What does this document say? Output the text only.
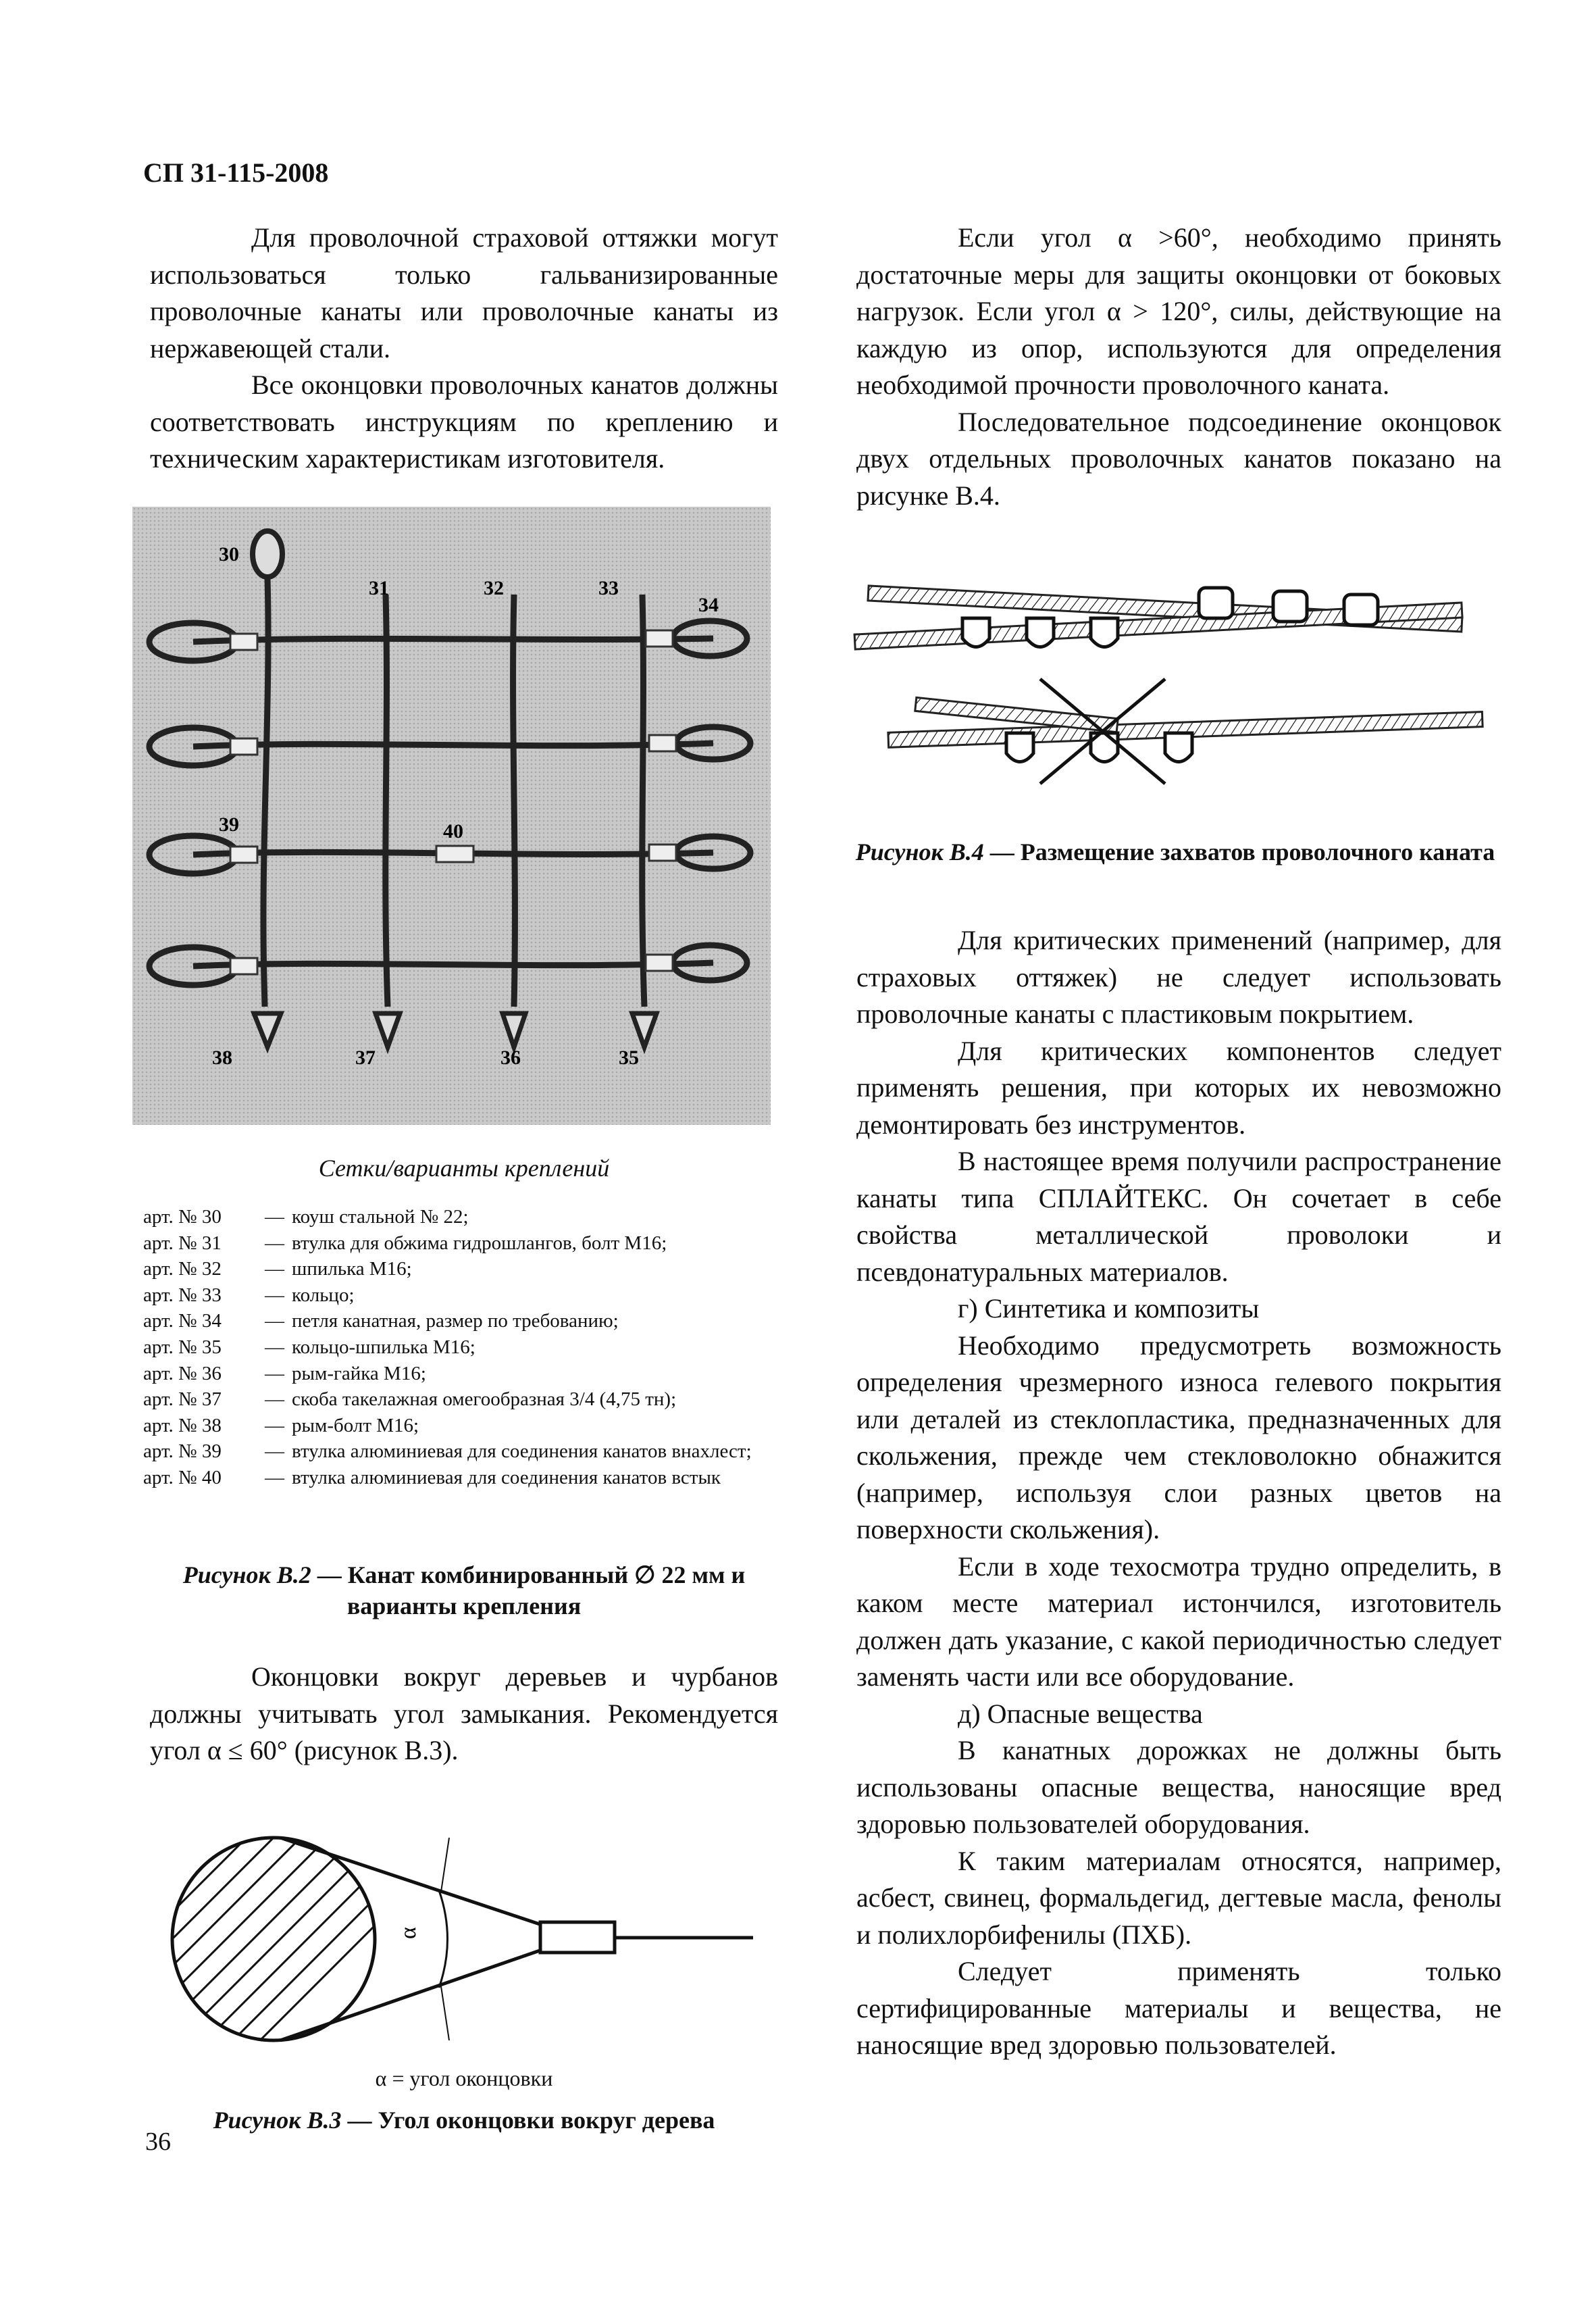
СП 31-115-2008

Для проволочной страховой оттяжки могут использоваться только гальванизированные проволочные канаты или проволочные канаты из нержавеющей стали.

Все оконцовки проволочных канатов должны соответствовать инструкциям по креплению и техническим характеристикам изготовителя.

30
31	32	33
34
39	40
38	37	36	35
Сетки/варианты креплений
арт. № 30	— коуш стальной № 22;
арт. № 31	— втулка для обжима гидрошлангов, болт М16;
арт. № 32	— шпилька М16;
арт. № 33	— кольцо;
арт. № 34	— петля канатная, размер по требованию;
арт. № 35	— кольцо-шпилька М16;
арт. № 36	— рым-гайка М16;
арт. № 37	— скоба такелажная омегообразная 3/4 (4,75 тн);
арт. № 38	— рым-болт М16;
арт. № 39	— втулка алюминиевая для соединения канатов внахлест;
арт. № 40	— втулка алюминиевая для соединения канатов встык
Рисунок В.2 — Канат комбинированный ∅ 22 мм и варианты крепления

Оконцовки вокруг деревьев и чурбанов должны учитывать угол замыкания. Рекомендуется угол α ≤ 60° (рисунок В.3).

α
α = угол оконцовки
Рисунок В.3 — Угол оконцовки вокруг дерева

Если угол α >60°, необходимо принять достаточные меры для защиты оконцовки от боковых нагрузок. Если угол α > 120°, силы, действующие на каждую из опор, используются для определения необходимой прочности проволочного каната.

Последовательное подсоединение оконцовок двух отдельных проволочных канатов показано на рисунке В.4.

Рисунок В.4 — Размещение захватов проволочного каната

Для критических применений (например, для страховых оттяжек) не следует использовать проволочные канаты с пластиковым покрытием.

Для критических компонентов следует применять решения, при которых их невозможно демонтировать без инструментов.

В настоящее время получили распространение канаты типа СПЛАЙТЕКС. Он сочетает в себе свойства металлической проволоки и псевдонатуральных материалов.

г) Синтетика и композиты

Необходимо предусмотреть возможность определения чрезмерного износа гелевого покрытия или деталей из стеклопластика, предназначенных для скольжения, прежде чем стекловолокно обнажится (например, используя слои разных цветов на поверхности скольжения).

Если в ходе техосмотра трудно определить, в каком месте материал истончился, изготовитель должен дать указание, с какой периодичностью следует заменять части или все оборудование.

д) Опасные вещества

В канатных дорожках не должны быть использованы опасные вещества, наносящие вред здоровью пользователей оборудования.

К таким материалам относятся, например, асбест, свинец, формальдегид, дегтевые масла, фенолы и полихлорбифенилы (ПХБ).

Следует применять только сертифицированные материалы и вещества, не наносящие вред здоровью пользователей.

36
